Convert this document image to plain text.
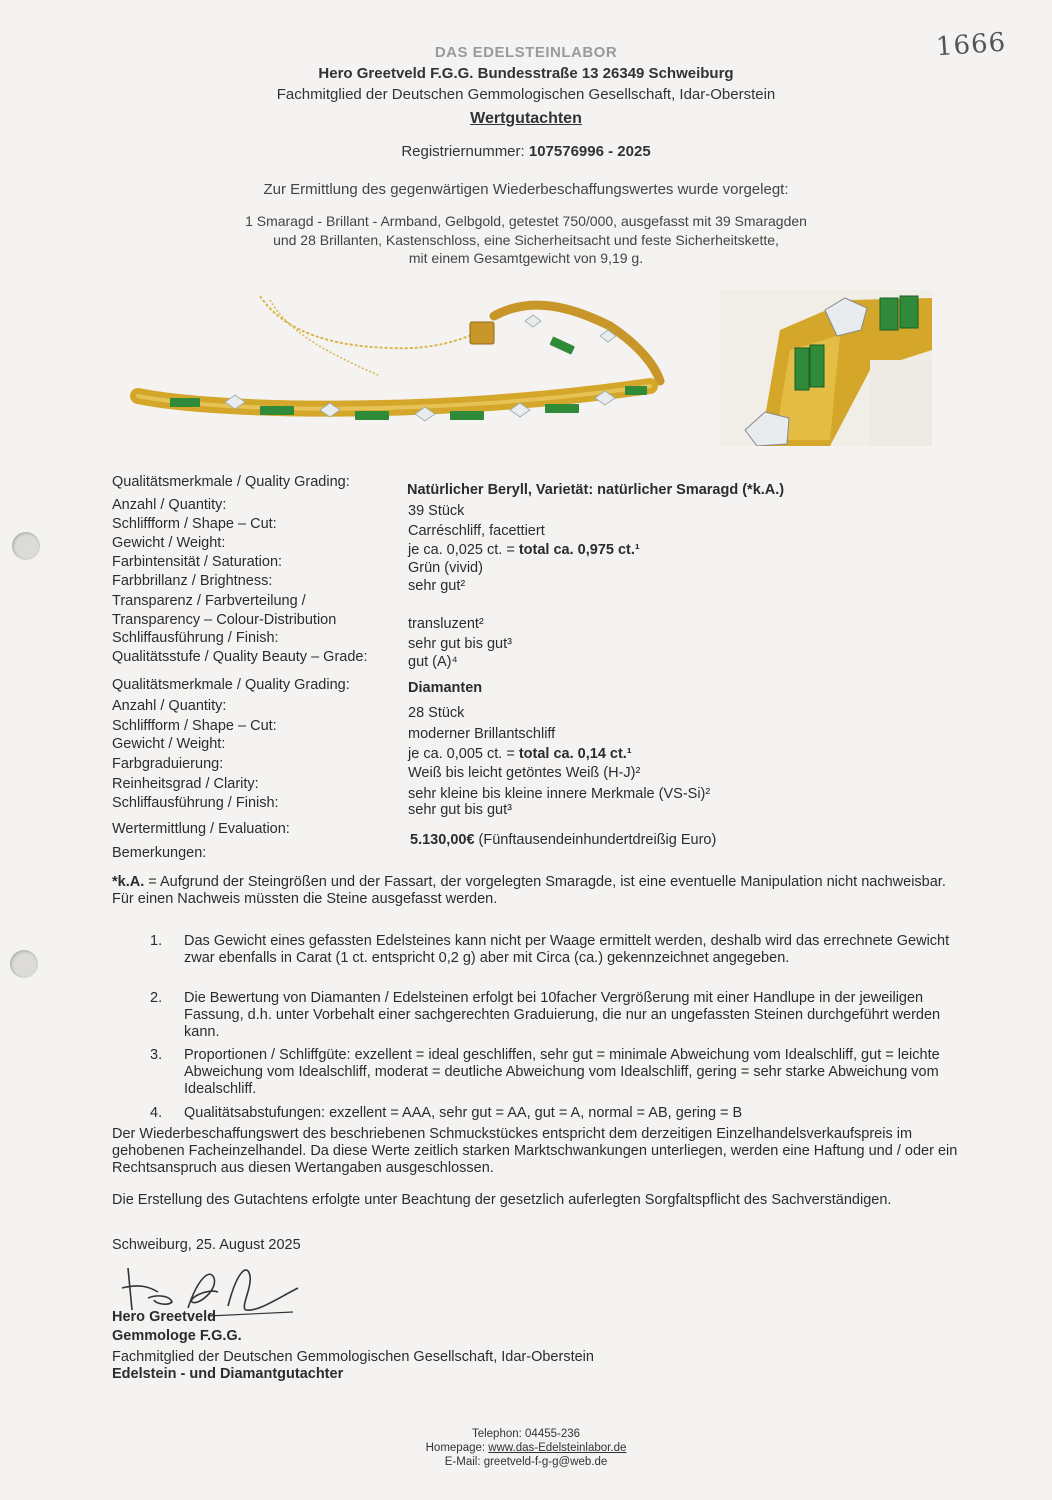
1666
DAS EDELSTEINLABOR
Hero Greetveld F.G.G. Bundesstraße 13 26349 Schweiburg
Fachmitglied der Deutschen Gemmologischen Gesellschaft, Idar-Oberstein
Wertgutachten
Registriernummer: 107576996 - 2025
Zur Ermittlung des gegenwärtigen Wiederbeschaffungswertes wurde vorgelegt:
1 Smaragd - Brillant - Armband, Gelbgold, getestet 750/000, ausgefasst mit 39 Smaragden
und 28 Brillanten, Kastenschloss, eine Sicherheitsacht und feste Sicherheitskette,
mit einem Gesamtgewicht von 9,19 g.
Qualitätsmerkmale / Quality Grading:	Natürlicher Beryll, Varietät: natürlicher Smaragd (*k.A.)
Anzahl / Quantity:	39 Stück
Schliffform / Shape – Cut:	Carréschliff, facettiert
Gewicht / Weight:	je ca. 0,025 ct. = total ca. 0,975 ct.¹
Farbintensität / Saturation:	Grün (vivid)
Farbbrillanz / Brightness:	sehr gut²
Transparenz / Farbverteilung /
Transparency – Colour-Distribution	transluzent²
Schliffausführung / Finish:	sehr gut bis gut³
Qualitätsstufe / Quality Beauty – Grade:	gut (A)⁴
Qualitätsmerkmale / Quality Grading:	Diamanten
Anzahl / Quantity:	28 Stück
Schliffform / Shape – Cut:	moderner Brillantschliff
Gewicht / Weight:
je ca. 0,005 ct. = total ca. 0,14 ct.¹
Farbgraduierung:
Weiß bis leicht getöntes Weiß (H-J)²
Reinheitsgrad / Clarity:
sehr kleine bis kleine innere Merkmale (VS-Si)²
Schliffausführung / Finish:	sehr gut bis gut³
Wertermittlung / Evaluation:
5.130,00€ (Fünftausendeinhundertdreißig Euro)
Bemerkungen:
*k.A. = Aufgrund der Steingrößen und der Fassart, der vorgelegten Smaragde, ist eine eventuelle Manipulation nicht nachweisbar. Für einen Nachweis müssten die Steine ausgefasst werden.
1. Das Gewicht eines gefassten Edelsteines kann nicht per Waage ermittelt werden, deshalb wird das errechnete Gewicht zwar ebenfalls in Carat (1 ct. entspricht 0,2 g) aber mit Circa (ca.) gekennzeichnet angegeben.
2. Die Bewertung von Diamanten / Edelsteinen erfolgt bei 10facher Vergrößerung mit einer Handlupe in der jeweiligen Fassung, d.h. unter Vorbehalt einer sachgerechten Graduierung, die nur an ungefassten Steinen durchgeführt werden kann.
3. Proportionen / Schliffgüte: exzellent = ideal geschliffen, sehr gut = minimale Abweichung vom Idealschliff, gut = leichte Abweichung vom Idealschliff, moderat = deutliche Abweichung vom Idealschliff, gering = sehr starke Abweichung vom Idealschliff.
4. Qualitätsabstufungen: exzellent = AAA, sehr gut = AA, gut = A, normal = AB, gering = B
Der Wiederbeschaffungswert des beschriebenen Schmuckstückes entspricht dem derzeitigen Einzelhandelsverkaufspreis im gehobenen Facheinzelhandel. Da diese Werte zeitlich starken Marktschwankungen unterliegen, werden eine Haftung und / oder ein Rechtsanspruch aus diesen Wertangaben ausgeschlossen.
Die Erstellung des Gutachtens erfolgte unter Beachtung der gesetzlich auferlegten Sorgfaltspflicht des Sachverständigen.
Schweiburg, 25. August 2025
Hero Greetveld
Gemmologe F.G.G.
Fachmitglied der Deutschen Gemmologischen Gesellschaft, Idar-Oberstein
Edelstein - und Diamantgutachter
Telephon: 04455-236
Homepage: www.das-Edelsteinlabor.de
E-Mail: greetveld-f-g-g@web.de
